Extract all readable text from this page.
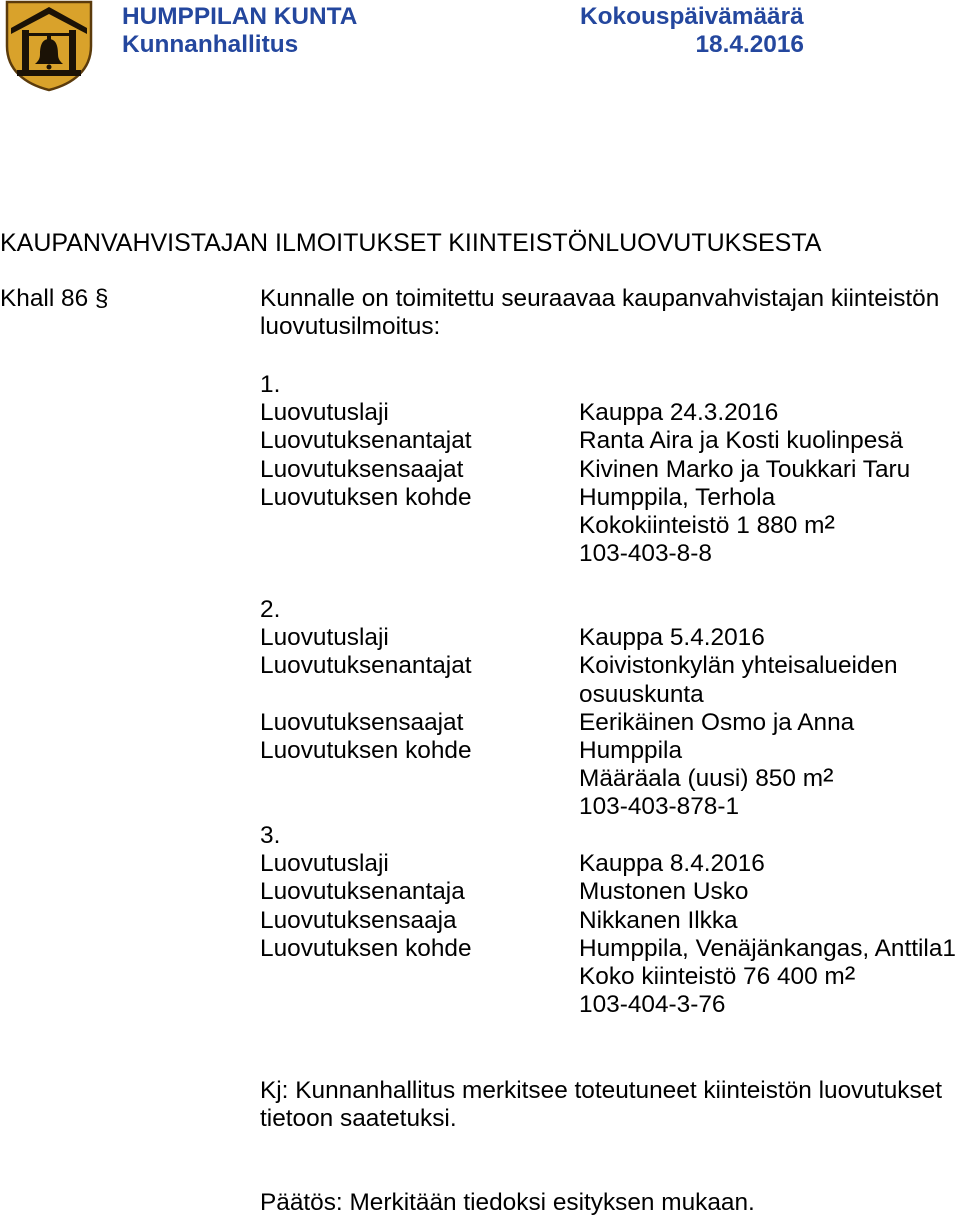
HUMPPILAN KUNTA
Kunnanhallitus
Kokouspäivämäärä
18.4.2016
KAUPANVAHVISTAJAN ILMOITUKSET KIINTEISTÖNLUOVUTUKSESTA
Khall 86 §	Kunnalle on toimitettu seuraavaa kaupanvahvistajan kiinteistön luovutusilmoitus:
1.
Luovutuslaji	Kauppa 24.3.2016
Luovutuksenantajat	Ranta Aira ja Kosti kuolinpesä
Luovutuksensaajat	Kivinen Marko ja Toukkari Taru
Luovutuksen kohde	Humppila, Terhola
Kokokiinteistö 1 880 m²
103-403-8-8
2.
Luovutuslaji	Kauppa 5.4.2016
Luovutuksenantajat	Koivistonkylän yhteisalueiden osuuskunta
Luovutuksensaajat	Eerikäinen Osmo ja Anna
Luovutuksen kohde	Humppila
Määräala (uusi) 850 m²
103-403-878-1
3.
Luovutuslaji	Kauppa 8.4.2016
Luovutuksenantaja	Mustonen Usko
Luovutuksensaaja	Nikkanen Ilkka
Luovutuksen kohde	Humppila, Venäjänkangas, Anttila1
Koko kiinteistö 76 400 m²
103-404-3-76
Kj: Kunnanhallitus merkitsee toteutuneet kiinteistön luovutukset tietoon saatetuksi.
Päätös: Merkitään tiedoksi esityksen mukaan.
